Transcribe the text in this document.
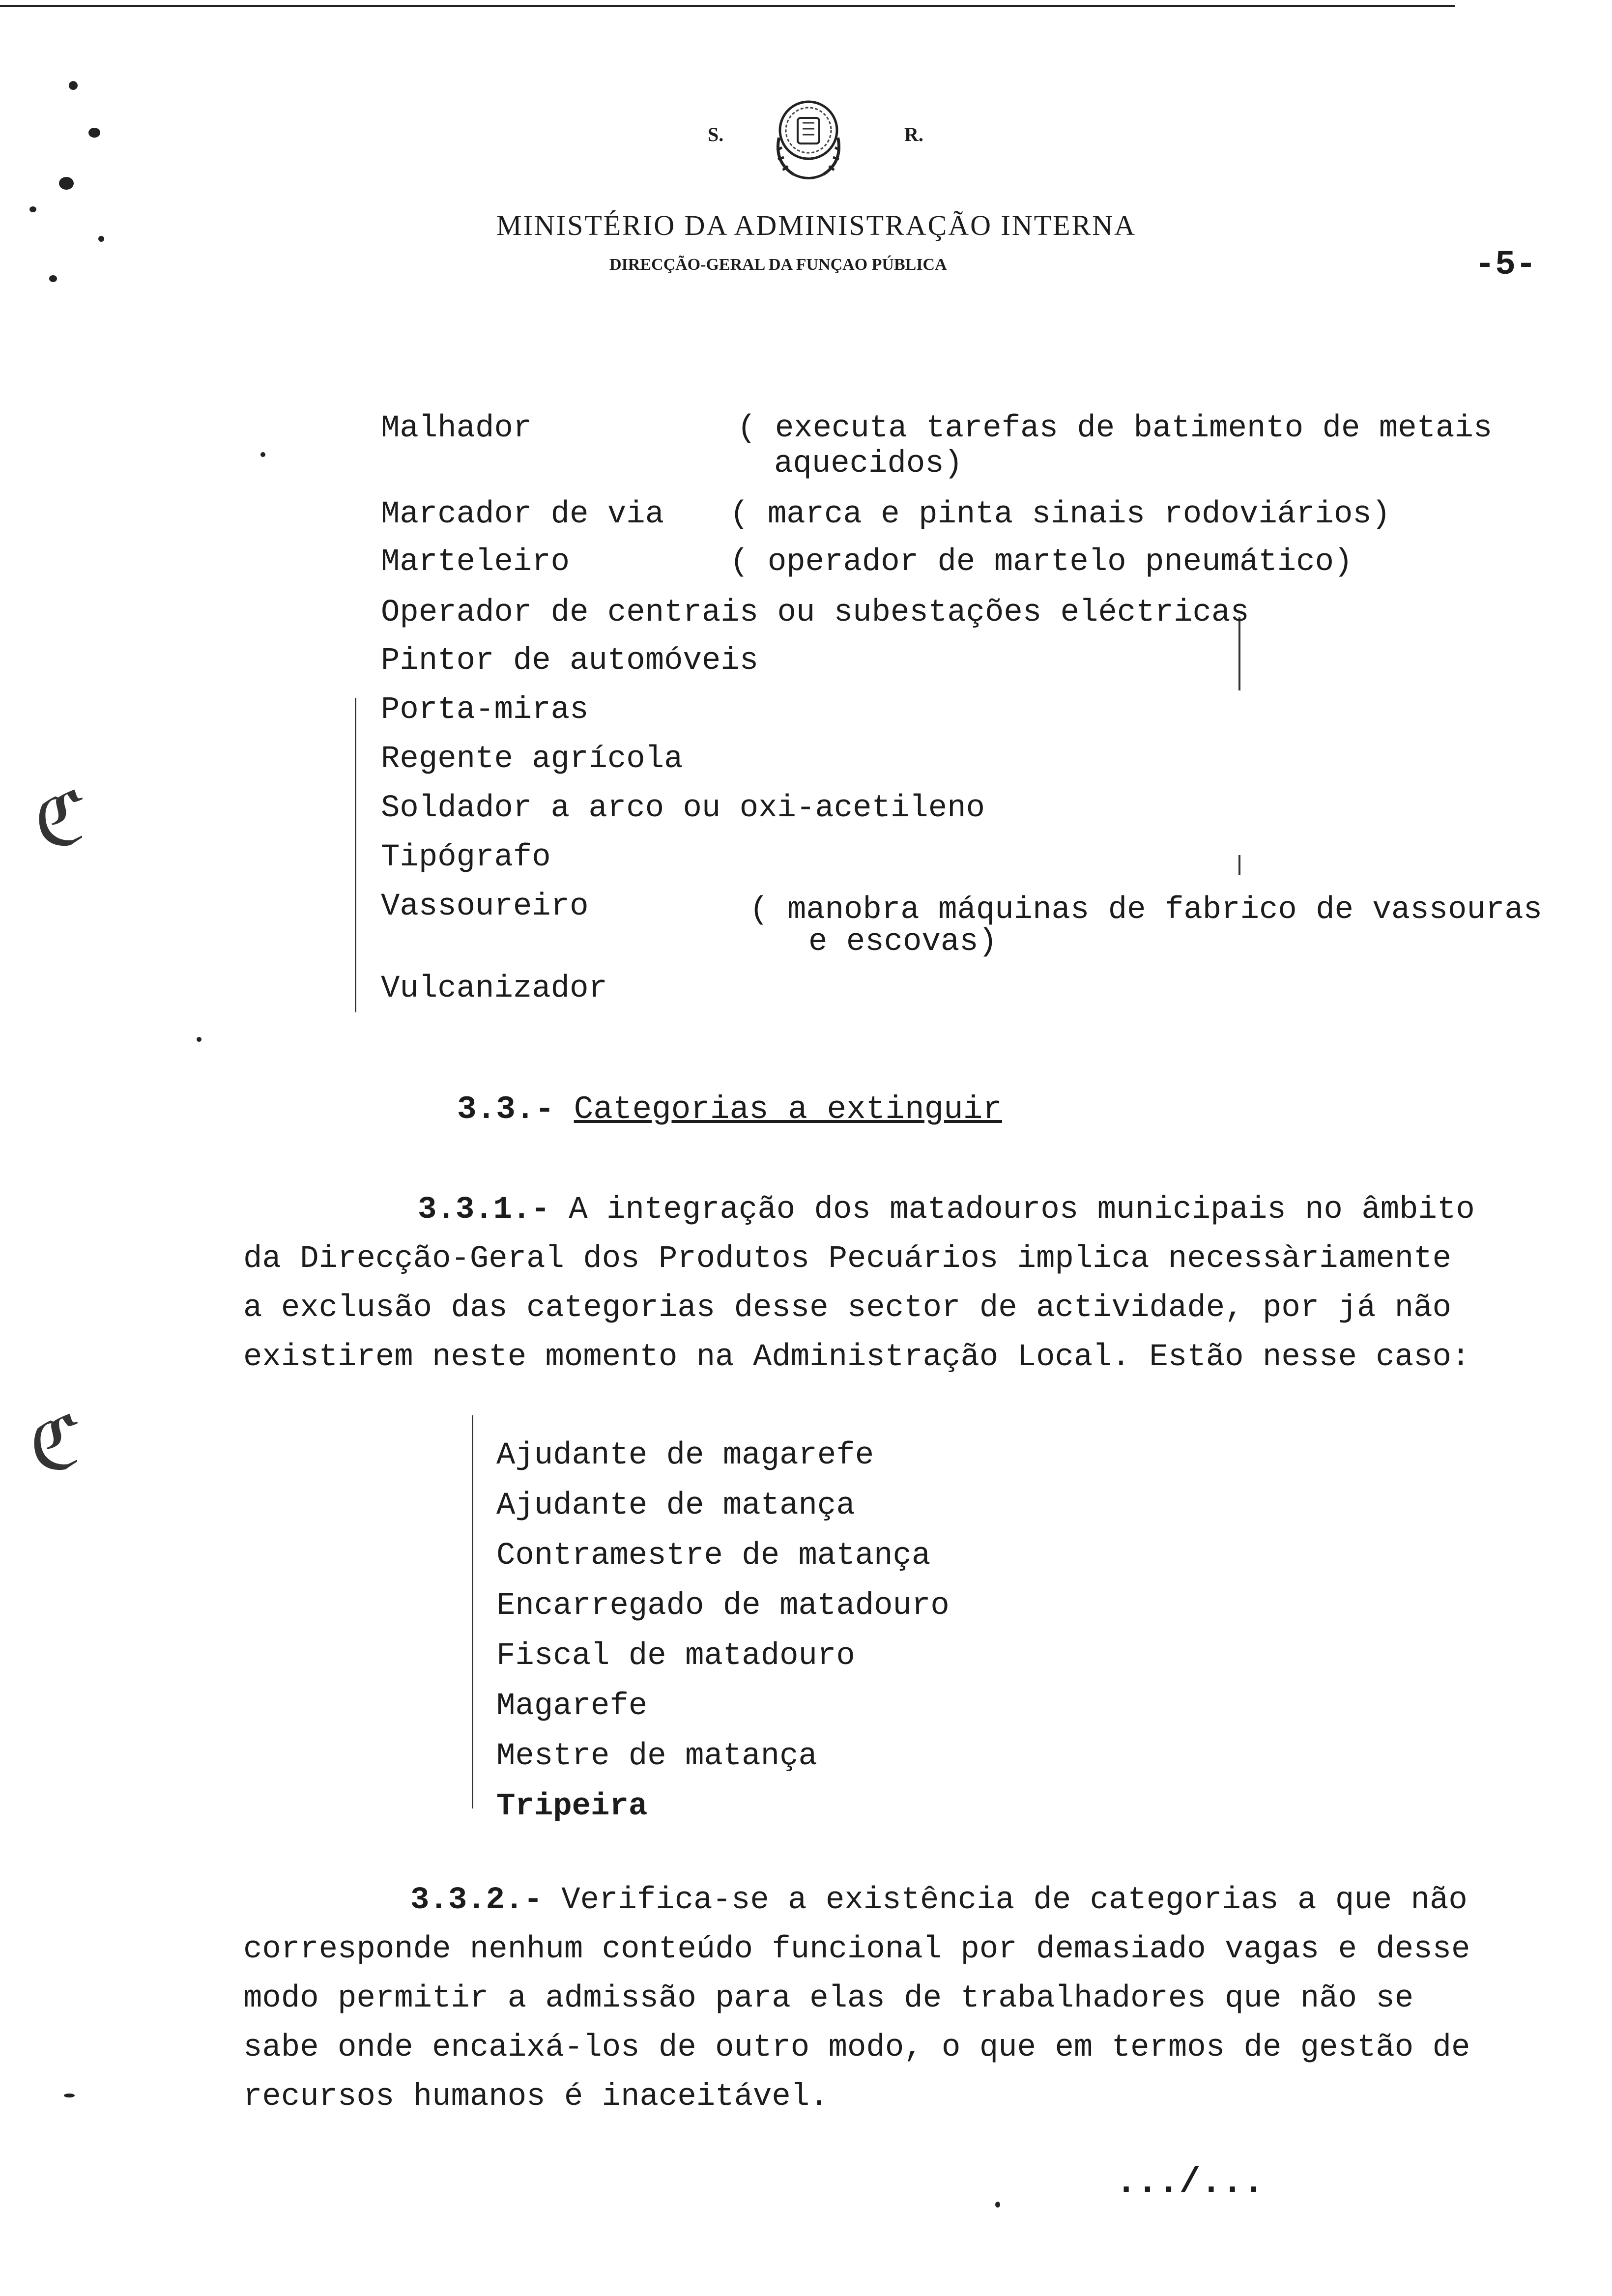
ℭ
ℭ
S.	R.
MINISTÉRIO DA ADMINISTRAÇÃO INTERNA
DIRECÇÃO-GERAL DA FUNÇAO PÚBLICA	-5-
Malhador	( executa tarefas de batimento de metais
aquecidos)
Marcador de via ( marca e pinta sinais rodoviários)
Marteleiro	( operador de martelo pneumático)
Operador de centrais ou subestações eléctricas
Pintor de automóveis
Porta-miras
Regente agrícola
Soldador a arco ou oxi-acetileno
Tipógrafo
Vassoureiro	( manobra máquinas de fabrico de vassouras
e escovas)
Vulcanizador
3.3.- Categorias a extinguir
3.3.1.- A integração dos matadouros municipais no âmbito
da Direcção-Geral dos Produtos Pecuários implica necessàriamente
a exclusão das categorias desse sector de actividade, por já não
existirem neste momento na Administração Local. Estão nesse caso:
Ajudante de magarefe
Ajudante de matança
Contramestre de matança
Encarregado de matadouro
Fiscal de matadouro
Magarefe
Mestre de matança
Tripeira
3.3.2.- Verifica-se a existência de categorias a que não
corresponde nenhum conteúdo funcional por demasiado vagas e desse
modo permitir a admissão para elas de trabalhadores que não se
sabe onde encaixá-los de outro modo, o que em termos de gestão de
recursos humanos é inaceitável.
.../...
